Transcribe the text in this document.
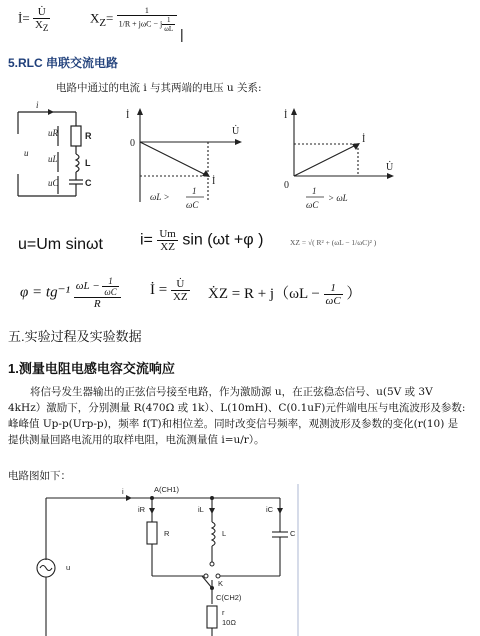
İ= $\frac{U̇}{X_Z}$	$X_Z= \frac{1}{1/R + j\omega C - j \frac{1}{\omega L}}$
|
5.RLC 串联交流电路
电路中通过的电流 i 与其两端的电压 u 关系:
i
uR
u
uL
uC
R
L
C
İ
U̇
0
İ
ωL >
1
ωC
İ
U̇
0
İ
1
ωC
> ωL
u=Um sinωt $i= \frac{Um}{XZ}$ sin (ωt +φ )	XZ = √( R² + (ωL − 1/ωC)² )
$\varphi = tg^{-1} \frac{\omega L - \frac{1}{\omega C}}{R}$ İ = $\frac{U̇}{XZ}$ ẊZ = $R + j(\omega L - \frac{1}{\omega C}$ ）
五.实验过程及实验数据
1.测量电阻电感电容交流响应

将信号发生器输出的正弦信号接至电路，作为激励源 u，在正弦稳态信号、u(5V 或 3V 4kHz）激励下，分别测量 R(470Ω 或 1k）、L(10mH)、C(0.1uF)元件端电压与电流波形及参数: 峰峰值 Up-p(Urp-p)，频率 f(T)和相位差。同时改变信号频率，观测波形及参数的变化(r(10) 是提供测量回路电流用的取样电阻，电流测量值 i=u/r）。

电路图如下：
i	A(CH1)
iR	iL	iC
R	L	C
u
K
C(CH2)
r
10Ω
